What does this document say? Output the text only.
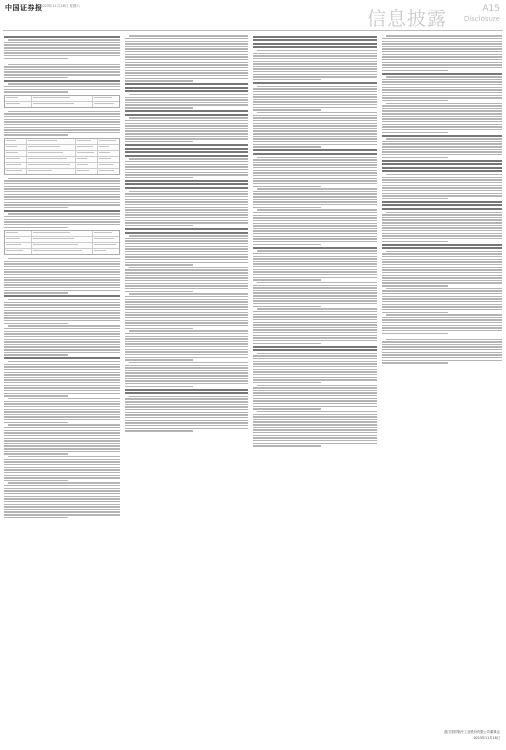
中国证券报
2023年11月18日 星期六
信息披露	A15
Disclosure
浙江国祥制冷工业股份有限公司董事会
2023年11月18日
